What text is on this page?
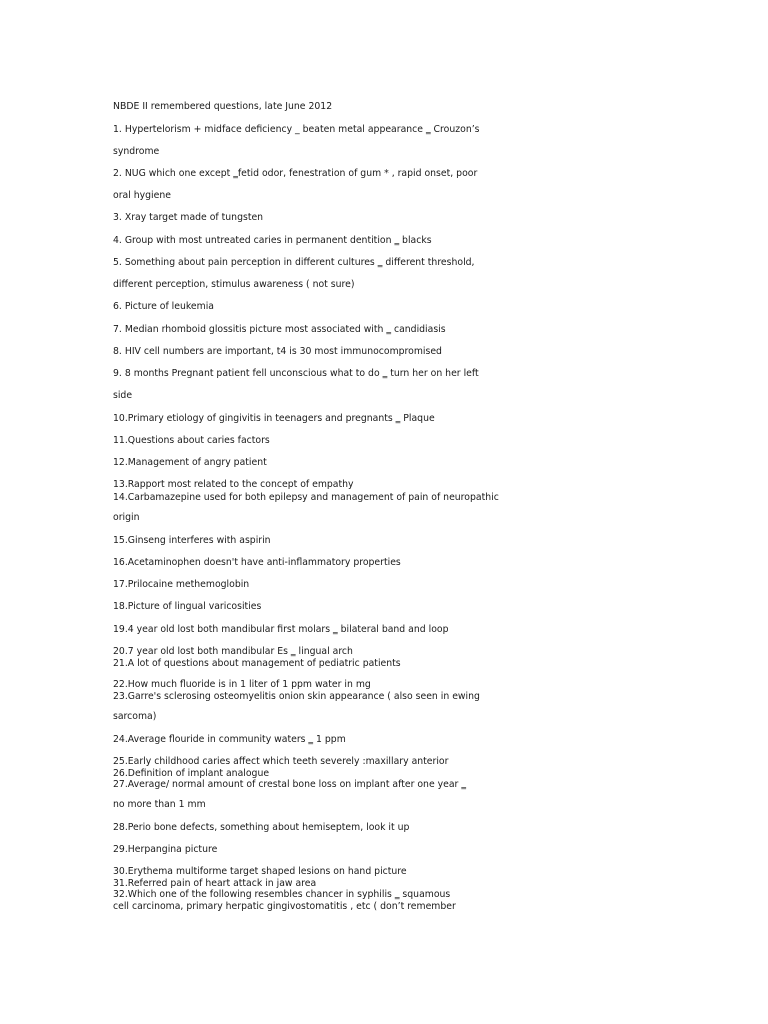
NBDE II remembered questions, late June 2012
1. Hypertelorism + midface deficiency _ beaten metal appearance ‗ Crouzon’s
syndrome
2. NUG which one except ‗fetid odor, fenestration of gum * , rapid onset, poor
oral hygiene
3. Xray target made of tungsten
4. Group with most untreated caries in permanent dentition ‗ blacks
5. Something about pain perception in different cultures ‗ different threshold,
different perception, stimulus awareness ( not sure)
6. Picture of leukemia
7. Median rhomboid glossitis picture most associated with ‗ candidiasis
8. HIV cell numbers are important, t4 is 30 most immunocompromised
9. 8 months Pregnant patient fell unconscious what to do ‗ turn her on her left
side
10.Primary etiology of gingivitis in teenagers and pregnants ‗ Plaque
11.Questions about caries factors
12.Management of angry patient
13.Rapport most related to the concept of empathy
14.Carbamazepine used for both epilepsy and management of pain of neuropathic
origin
15.Ginseng interferes with aspirin
16.Acetaminophen doesn't have anti-inflammatory properties
17.Prilocaine methemoglobin
18.Picture of lingual varicosities
19.4 year old lost both mandibular first molars ‗ bilateral band and loop
20.7 year old lost both mandibular Es ‗ lingual arch
21.A lot of questions about management of pediatric patients
22.How much fluoride is in 1 liter of 1 ppm water in mg
23.Garre's sclerosing osteomyelitis onion skin appearance ( also seen in ewing
sarcoma)
24.Average flouride in community waters ‗ 1 ppm
25.Early childhood caries affect which teeth severely :maxillary anterior
26.Definition of implant analogue
27.Average/ normal amount of crestal bone loss on implant after one year ‗
no more than 1 mm
28.Perio bone defects, something about hemiseptem, look it up
29.Herpangina picture
30.Erythema multiforme target shaped lesions on hand picture
31.Referred pain of heart attack in jaw area
32.Which one of the following resembles chancer in syphilis ‗ squamous
cell carcinoma, primary herpatic gingivostomatitis , etc ( don’t remember
